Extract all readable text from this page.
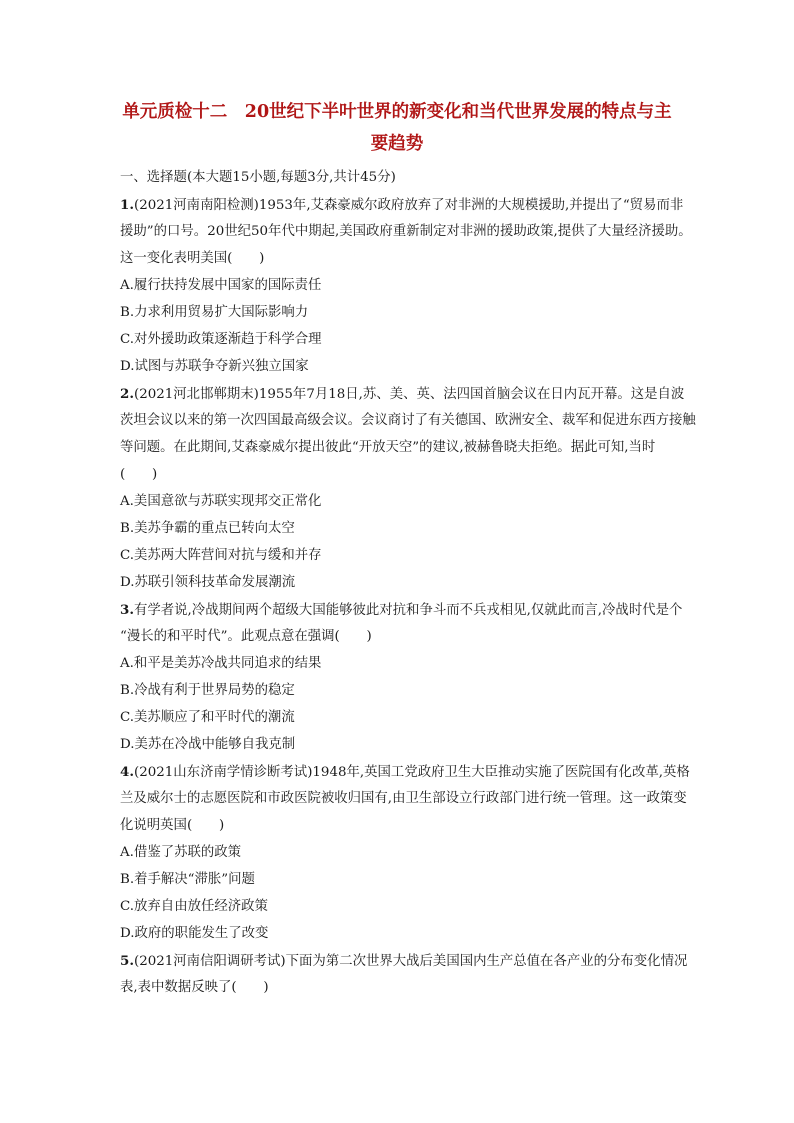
单元质检十二　20世纪下半叶世界的新变化和当代世界发展的特点与主
要趋势
一、选择题(本大题15小题,每题3分,共计45分)
1.(2021河南南阳检测)1953年,艾森豪威尔政府放弃了对非洲的大规模援助,并提出了“贸易而非
援助”的口号。20世纪50年代中期起,美国政府重新制定对非洲的援助政策,提供了大量经济援助。
这一变化表明美国(　　)
A.履行扶持发展中国家的国际责任
B.力求利用贸易扩大国际影响力
C.对外援助政策逐渐趋于科学合理
D.试图与苏联争夺新兴独立国家
2.(2021河北邯郸期末)1955年7月18日,苏、美、英、法四国首脑会议在日内瓦开幕。这是自波
茨坦会议以来的第一次四国最高级会议。会议商讨了有关德国、欧洲安全、裁军和促进东西方接触
等问题。在此期间,艾森豪威尔提出彼此“开放天空”的建议,被赫鲁晓夫拒绝。据此可知,当时
(　　)
A.美国意欲与苏联实现邦交正常化
B.美苏争霸的重点已转向太空
C.美苏两大阵营间对抗与缓和并存
D.苏联引领科技革命发展潮流
3.有学者说,冷战期间两个超级大国能够彼此对抗和争斗而不兵戎相见,仅就此而言,冷战时代是个
“漫长的和平时代”。此观点意在强调(　　)
A.和平是美苏冷战共同追求的结果
B.冷战有利于世界局势的稳定
C.美苏顺应了和平时代的潮流
D.美苏在冷战中能够自我克制
4.(2021山东济南学情诊断考试)1948年,英国工党政府卫生大臣推动实施了医院国有化改革,英格
兰及威尔士的志愿医院和市政医院被收归国有,由卫生部设立行政部门进行统一管理。这一政策变
化说明英国(　　)
A.借鉴了苏联的政策
B.着手解决“滞胀”问题
C.放弃自由放任经济政策
D.政府的职能发生了改变
5.(2021河南信阳调研考试)下面为第二次世界大战后美国国内生产总值在各产业的分布变化情况
表,表中数据反映了(　　)
